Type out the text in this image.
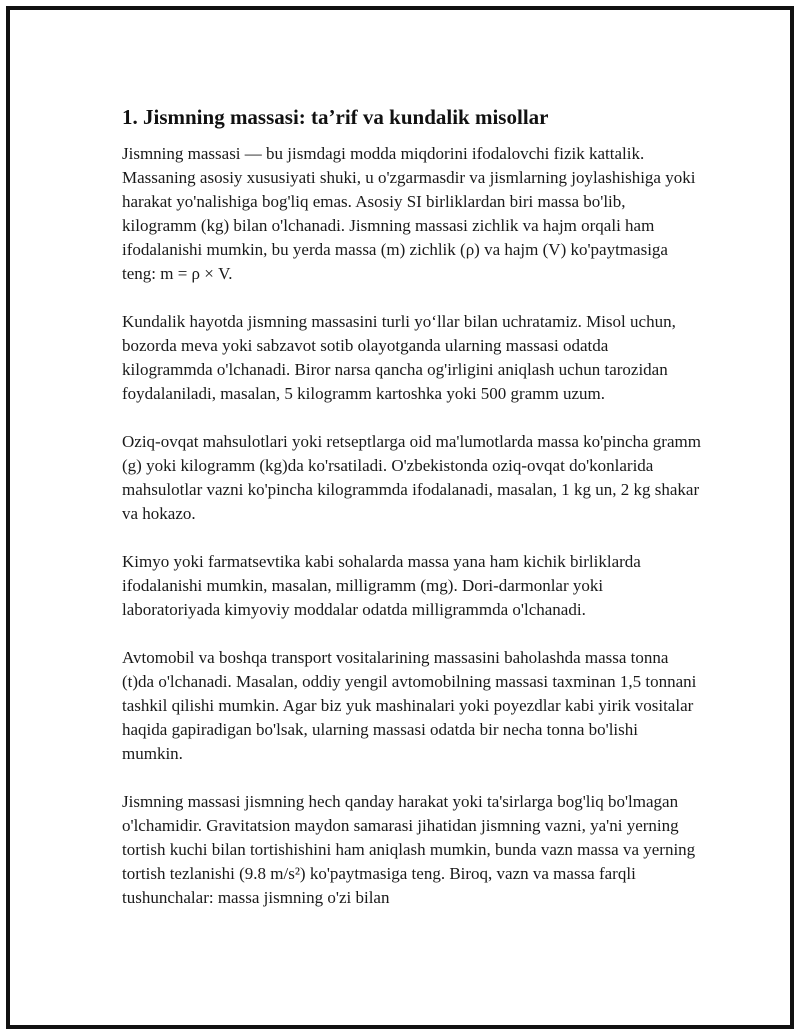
1. Jismning massasi: ta’rif va kundalik misollar

Jismning massasi — bu jismdagi modda miqdorini ifodalovchi fizik kattalik. Massaning asosiy xususiyati shuki, u o'zgarmasdir va jismlarning joylashishiga yoki harakat yo'nalishiga bog'liq emas. Asosiy SI birliklardan biri massa bo'lib, kilogramm (kg) bilan o'lchanadi. Jismning massasi zichlik va hajm orqali ham ifodalanishi mumkin, bu yerda massa (m) zichlik (ρ) va hajm (V) ko'paytmasiga teng: m = ρ × V.

Kundalik hayotda jismning massasini turli yo‘llar bilan uchratamiz. Misol uchun, bozorda meva yoki sabzavot sotib olayotganda ularning massasi odatda kilogrammda o'lchanadi. Biror narsa qancha og'irligini aniqlash uchun tarozidan foydalaniladi, masalan, 5 kilogramm kartoshka yoki 500 gramm uzum.

Oziq-ovqat mahsulotlari yoki retseptlarga oid ma'lumotlarda massa ko'pincha gramm (g) yoki kilogramm (kg)da ko'rsatiladi. O'zbekistonda oziq-ovqat do'konlarida mahsulotlar vazni ko'pincha kilogrammda ifodalanadi, masalan, 1 kg un, 2 kg shakar va hokazo.

Kimyo yoki farmatsevtika kabi sohalarda massa yana ham kichik birliklarda ifodalanishi mumkin, masalan, milligramm (mg). Dori-darmonlar yoki laboratoriyada kimyoviy moddalar odatda milligrammda o'lchanadi.

Avtomobil va boshqa transport vositalarining massasini baholashda massa tonna (t)da o'lchanadi. Masalan, oddiy yengil avtomobilning massasi taxminan 1,5 tonnani tashkil qilishi mumkin. Agar biz yuk mashinalari yoki poyezdlar kabi yirik vositalar haqida gapiradigan bo'lsak, ularning massasi odatda bir necha tonna bo'lishi mumkin.

Jismning massasi jismning hech qanday harakat yoki ta'sirlarga bog'liq bo'lmagan o'lchamidir. Gravitatsion maydon samarasi jihatidan jismning vazni, ya'ni yerning tortish kuchi bilan tortishishini ham aniqlash mumkin, bunda vazn massa va yerning tortish tezlanishi (9.8 m/s²) ko'paytmasiga teng. Biroq, vazn va massa farqli tushunchalar: massa jismning o'zi bilan
